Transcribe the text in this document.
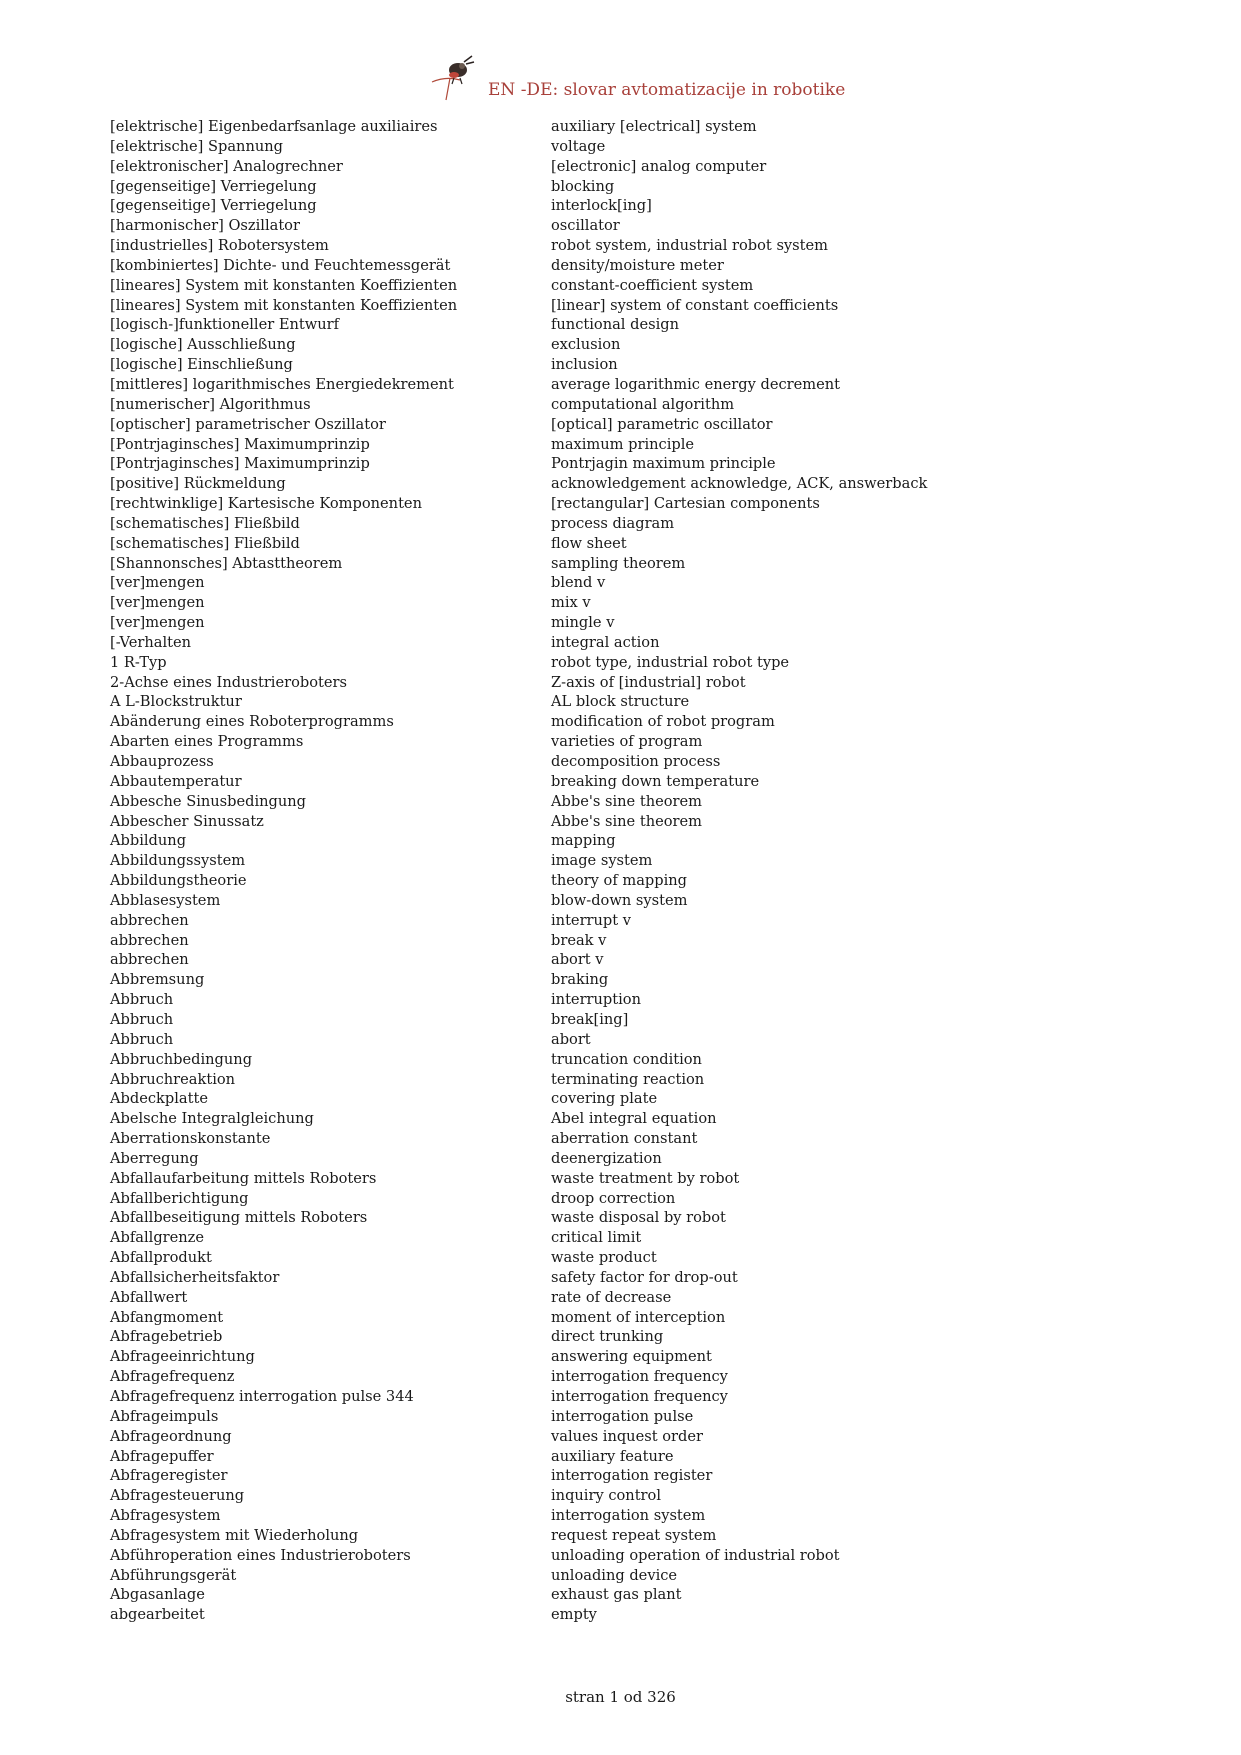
EN -DE: slovar avtomatizacije in robotike
[elektrische] Eigenbedarfsanlage auxiliaires	auxiliary [electrical] system
[elektrische] Spannung	voltage
[elektronischer] Analogrechner	[electronic] analog computer
[gegenseitige] Verriegelung	blocking
[gegenseitige] Verriegelung	interlock[ing]
[harmonischer] Oszillator	oscillator
[industrielles] Robotersystem	robot system, industrial robot system
[kombiniertes] Dichte- und Feuchtemessgerät	density/moisture meter
[lineares] System mit konstanten Koeffizienten	constant-coefficient system
[lineares] System mit konstanten Koeffizienten	[linear] system of constant coefficients
[logisch-]funktioneller Entwurf	functional design
[logische] Ausschließung	exclusion
[logische] Einschließung	inclusion
[mittleres] logarithmisches Energiedekrement	average logarithmic energy decrement
[numerischer] Algorithmus	computational algorithm
[optischer] parametrischer Oszillator	[optical] parametric oscillator
[Pontrjaginsches] Maximumprinzip	maximum principle
[Pontrjaginsches] Maximumprinzip	Pontrjagin maximum principle
[positive] Rückmeldung	acknowledgement acknowledge, ACK, answerback
[rechtwinklige] Kartesische Komponenten	[rectangular] Cartesian components
[schematisches] Fließbild	process diagram
[schematisches] Fließbild	flow sheet
[Shannonsches] Abtasttheorem	sampling theorem
[ver]mengen	blend v
[ver]mengen	mix v
[ver]mengen	mingle v
[-Verhalten	integral action
1 R-Typ	robot type, industrial robot type
2-Achse eines Industrieroboters	Z-axis of [industrial] robot
A L-Blockstruktur	AL block structure
Abänderung eines Roboterprogramms	modification of robot program
Abarten eines Programms	varieties of program
Abbauprozess	decomposition process
Abbautemperatur	breaking down temperature
Abbesche Sinusbedingung	Abbe's sine theorem
Abbescher Sinussatz	Abbe's sine theorem
Abbildung	mapping
Abbildungssystem	image system
Abbildungstheorie	theory of mapping
Abblasesystem	blow-down system
abbrechen	interrupt v
abbrechen	break v
abbrechen	abort v
Abbremsung	braking
Abbruch	interruption
Abbruch	break[ing]
Abbruch	abort
Abbruchbedingung	truncation condition
Abbruchreaktion	terminating reaction
Abdeckplatte	covering plate
Abelsche Integralgleichung	Abel integral equation
Aberrationskonstante	aberration constant
Aberregung	deenergization
Abfallaufarbeitung mittels Roboters	waste treatment by robot
Abfallberichtigung	droop correction
Abfallbeseitigung mittels Roboters	waste disposal by robot
Abfallgrenze	critical limit
Abfallprodukt	waste product
Abfallsicherheitsfaktor	safety factor for drop-out
Abfallwert	rate of decrease
Abfangmoment	moment of interception
Abfragebetrieb	direct trunking
Abfrageeinrichtung	answering equipment
Abfragefrequenz	interrogation frequency
Abfragefrequenz interrogation pulse 344	interrogation frequency
Abfrageimpuls	interrogation pulse
Abfrageordnung	values inquest order
Abfragepuffer	auxiliary feature
Abfrageregister	interrogation register
Abfragesteuerung	inquiry control
Abfragesystem	interrogation system
Abfragesystem mit Wiederholung	request repeat system
Abführoperation eines Industrieroboters	unloading operation of industrial robot
Abführungsgerät	unloading device
Abgasanlage	exhaust gas plant
abgearbeitet	empty
stran 1 od 326
